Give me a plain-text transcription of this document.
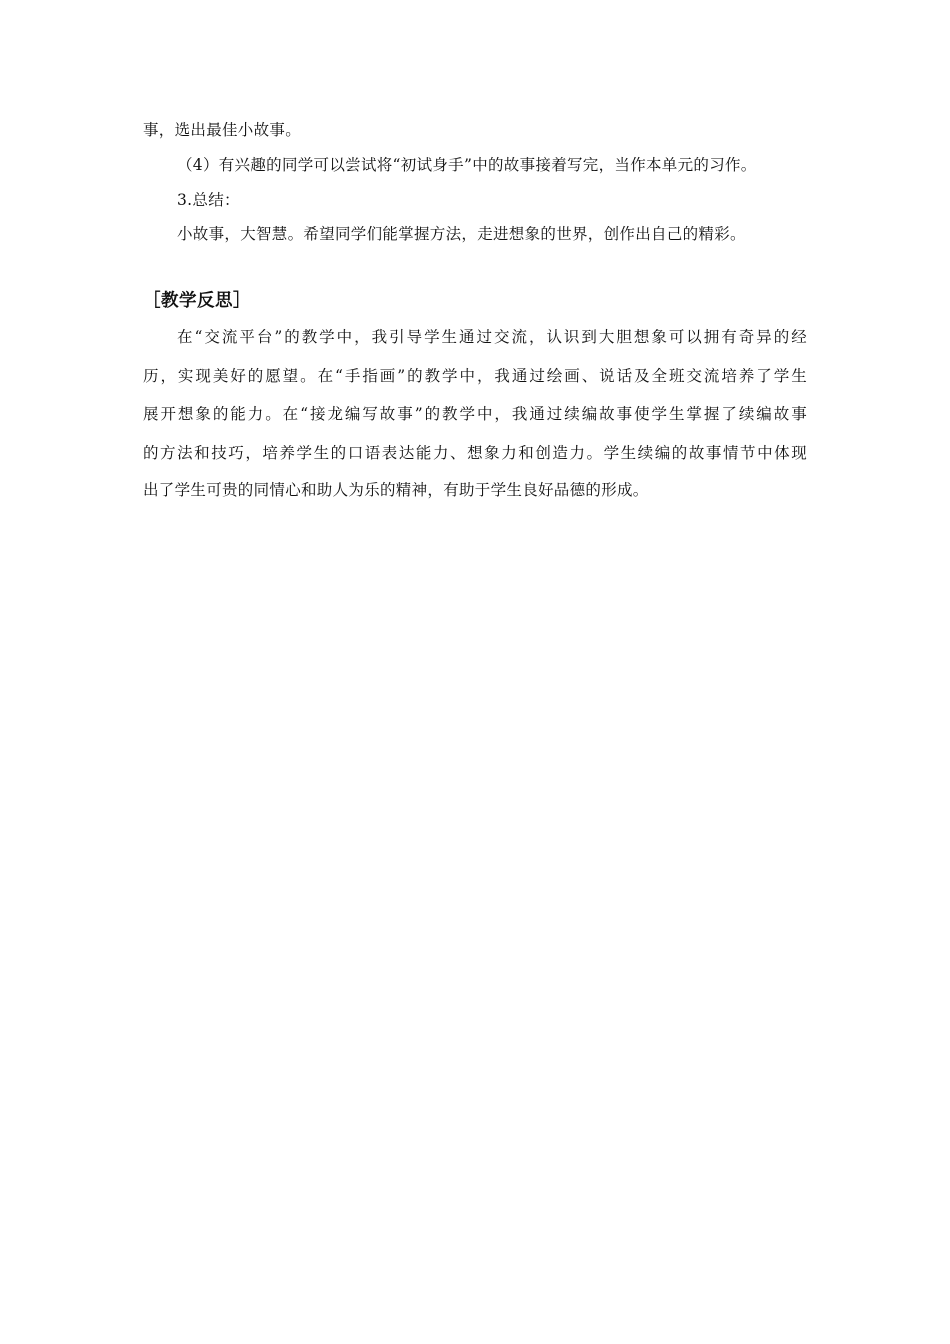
事，选出最佳小故事。
（4）有兴趣的同学可以尝试将“初试身手”中的故事接着写完，当作本单元的习作。
3.总结：
小故事，大智慧。希望同学们能掌握方法，走进想象的世界，创作出自己的精彩。
［教学反思］
在“交流平台”的教学中，我引导学生通过交流，认识到大胆想象可以拥有奇异的经
历，实现美好的愿望。在“手指画”的教学中，我通过绘画、说话及全班交流培养了学生
展开想象的能力。在“接龙编写故事”的教学中，我通过续编故事使学生掌握了续编故事
的方法和技巧，培养学生的口语表达能力、想象力和创造力。学生续编的故事情节中体现
出了学生可贵的同情心和助人为乐的精神，有助于学生良好品德的形成。
